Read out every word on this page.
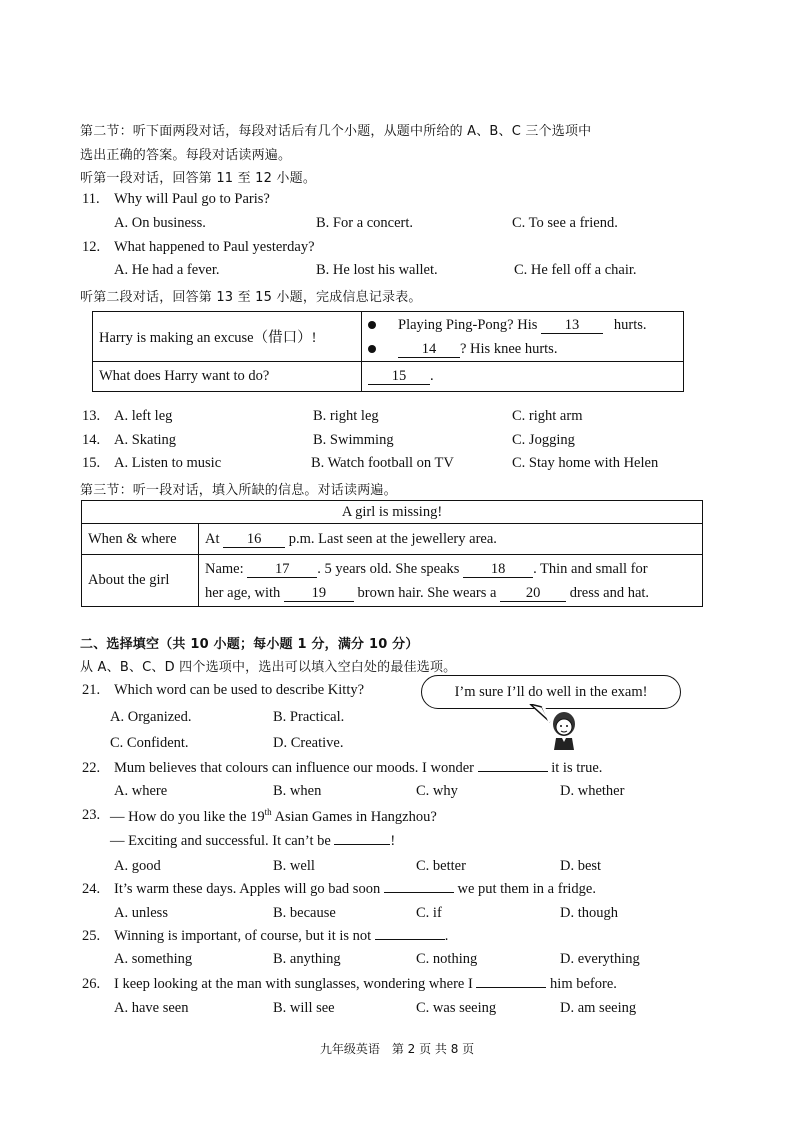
第二节：听下面两段对话，每段对话后有几个小题，从题中所给的 A、B、C 三个选项中
选出正确的答案。每段对话读两遍。
听第一段对话，回答第 11 至 12 小题。
11. Why will Paul go to Paris?
A. On business.	B. For a concert.	C. To see a friend.
12. What happened to Paul yesterday?
A. He had a fever.	B. He lost his wallet.	C. He fell off a chair.
听第二段对话，回答第 13 至 15 小题，完成信息记录表。
Harry is making an excuse（借口）!	Playing Ping-Pong? His 13 hurts.
14 ? His knee hurts.

What does Harry want to do?	15 .
13. A. left leg	B. right leg	C. right arm
14. A. Skating	B. Swimming	C. Jogging
15. A. Listen to music	B. Watch football on TV	C. Stay home with Helen
第三节：听一段对话，填入所缺的信息。对话读两遍。
A girl is missing!	
When & where	At 16 p.m. Last seen at the jewellery area.
About the girl	Name: 17 . 5 years old. She speaks 18 . Thin and small for
her age, with 19 brown hair. She wears a 20 dress and hat.
二、选择填空（共 10 小题；每小题 1 分，满分 10 分）
从 A、B、C、D 四个选项中，选出可以填入空白处的最佳选项。
I’m sure I’ll do well in the exam!
21. Which word can be used to describe Kitty?
A. Organized.	B. Practical.
C. Confident.	D. Creative.
22. Mum believes that colours can influence our moods. I wonder	it is true.
A. where	B. when	C. why	D. whether
23. — How do you like the 19th Asian Games in Hangzhou?
— Exciting and successful. It can’t be	!
A. good	B. well	C. better	D. best
24. It’s warm these days. Apples will go bad soon	we put them in a fridge.
A. unless	B. because	C. if	D. though
25. Winning is important, of course, but it is not	.
A. something	B. anything	C. nothing	D. everything
26. I keep looking at the man with sunglasses, wondering where I	him before.
A. have seen	B. will see	C. was seeing	D. am seeing
九年级英语　第 2 页 共 8 页
